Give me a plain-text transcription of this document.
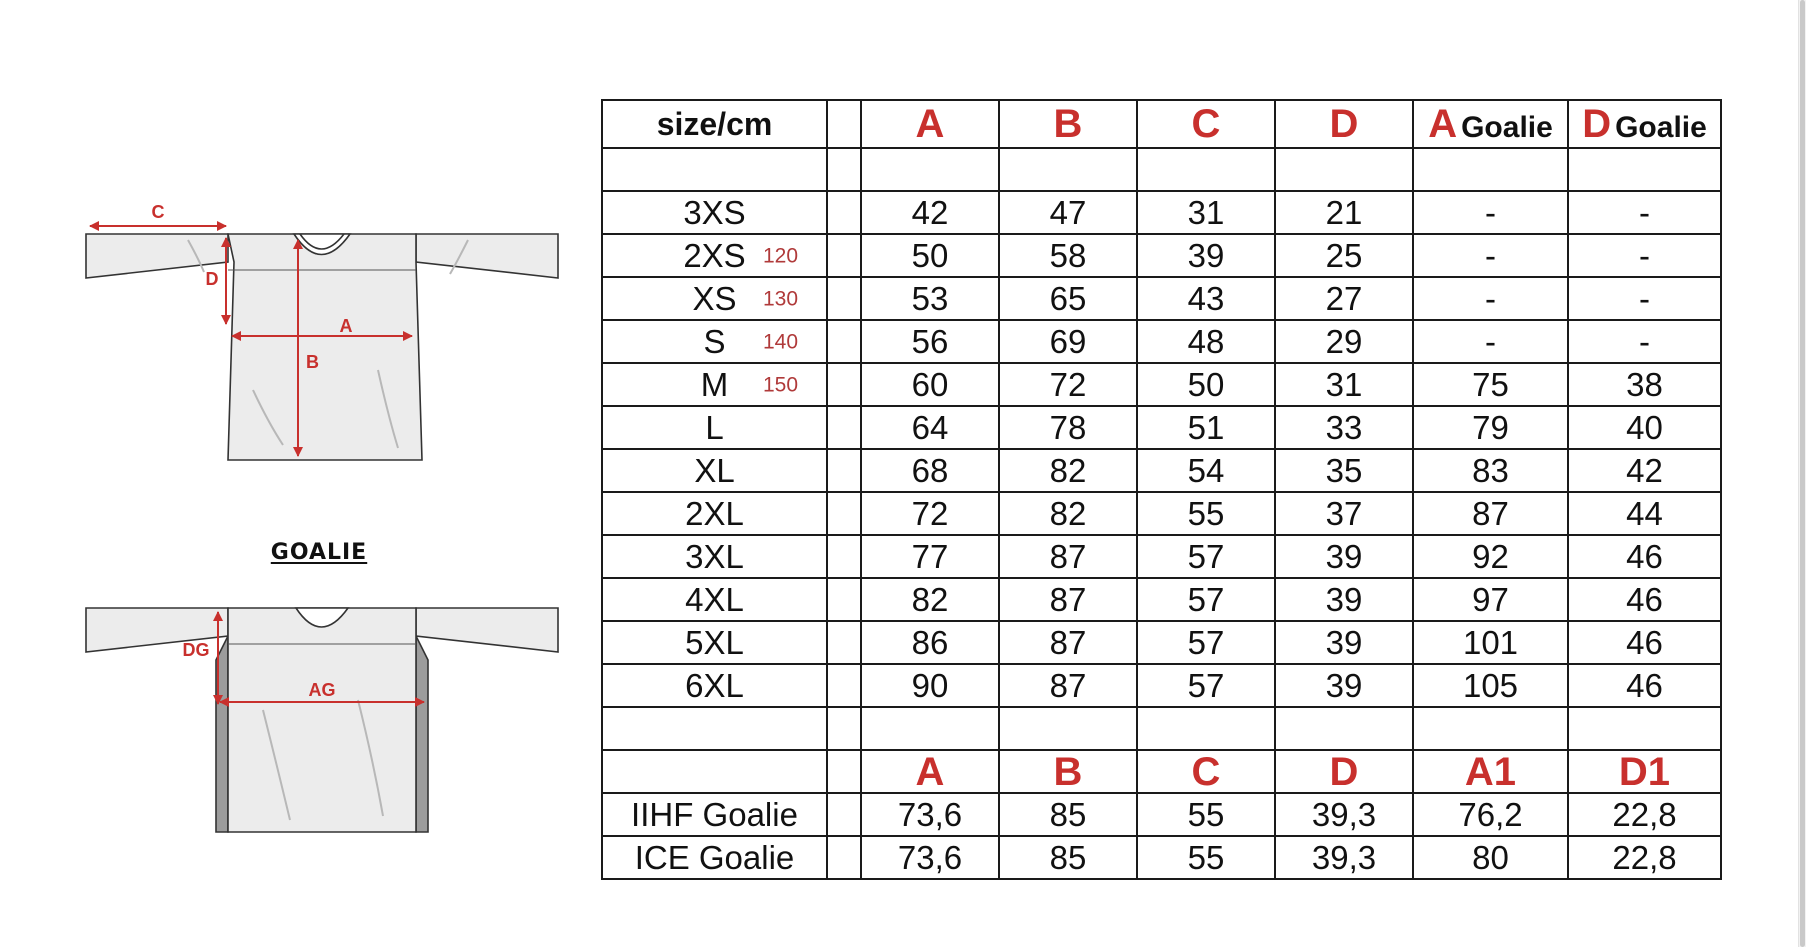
C
D
A
B
GOALIE
DG
AG
size/cm		A	B	C	D	A Goalie	D Goalie

3XS		42	47	31	21	-	-
2XS 120		50	58	39	25	-	-
XS 130		53	65	43	27	-	-
S 140		56	69	48	29	-	-
M 150		60	72	50	31	75	38
L		64	78	51	33	79	40
XL		68	82	54	35	83	42
2XL		72	82	55	37	87	44
3XL		77	87	57	39	92	46
4XL		82	87	57	39	97	46
5XL		86	87	57	39	101	46
6XL		90	87	57	39	105	46

		A	B	C	D	A1	D1
IIHF Goalie		73,6	85	55	39,3	76,2	22,8
ICE Goalie		73,6	85	55	39,3	80	22,8
